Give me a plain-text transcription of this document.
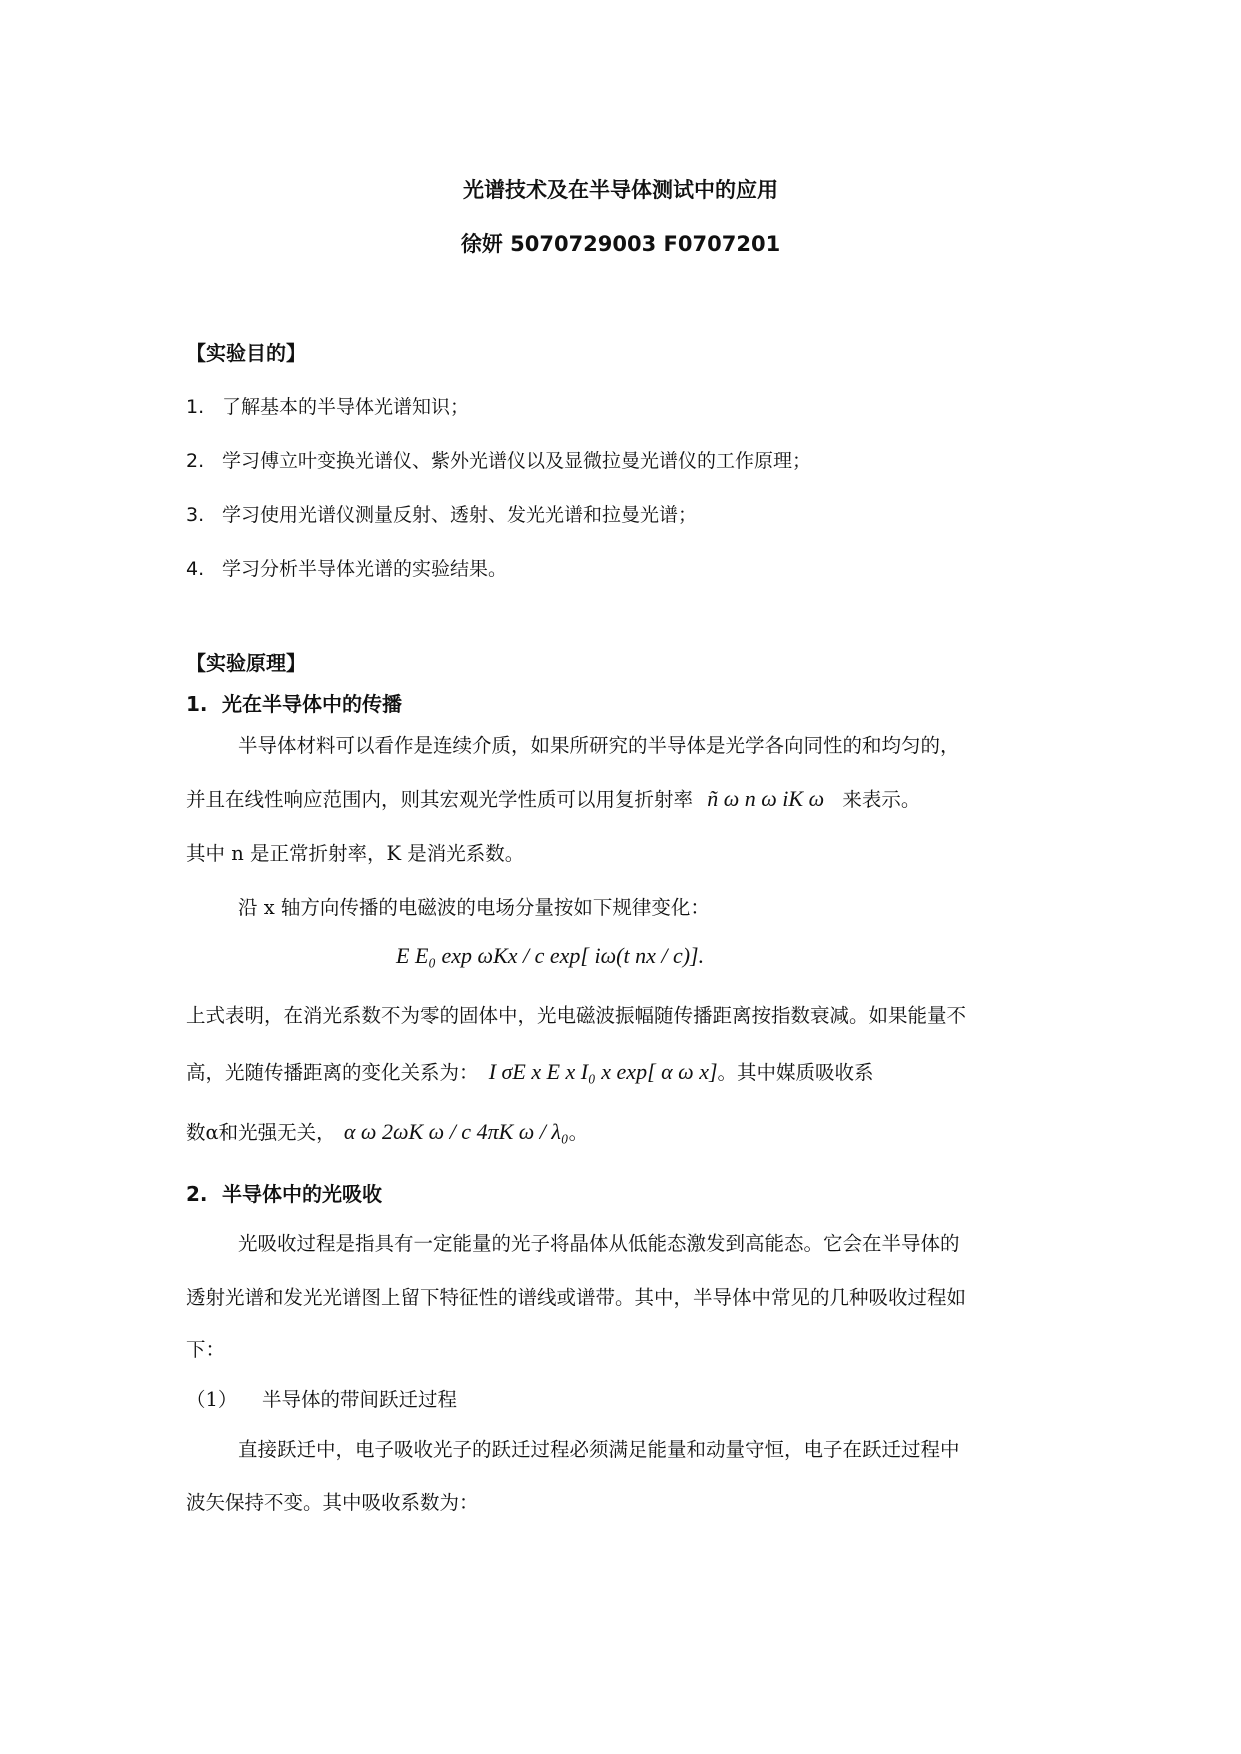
光谱技术及在半导体测试中的应用
徐妍 5070729003 F0707201
【实验目的】
1. 了解基本的半导体光谱知识；
2. 学习傅立叶变换光谱仪、紫外光谱仪以及显微拉曼光谱仪的工作原理；
3. 学习使用光谱仪测量反射、透射、发光光谱和拉曼光谱；
4. 学习分析半导体光谱的实验结果。
【实验原理】
1. 光在半导体中的传播
半导体材料可以看作是连续介质，如果所研究的半导体是光学各向同性的和均匀的，
并且在线性响应范围内，则其宏观光学性质可以用复折射率 ñ ω n ω iK ω 来表示。
其中 n 是正常折射率，K 是消光系数。
沿 x 轴方向传播的电磁波的电场分量按如下规律变化：
E E₀ exp ωKx / c exp[ iω(t nx / c)].
上式表明，在消光系数不为零的固体中，光电磁波振幅随传播距离按指数衰减。如果能量不
高，光随传播距离的变化关系为： I σE x E x I₀ x exp[ α ω x]。其中媒质吸收系
数α和光强无关， α ω 2ωK ω / c 4πK ω / λ₀。
2. 半导体中的光吸收
光吸收过程是指具有一定能量的光子将晶体从低能态激发到高能态。它会在半导体的
透射光谱和发光光谱图上留下特征性的谱线或谱带。其中，半导体中常见的几种吸收过程如
下：
（1） 半导体的带间跃迁过程
直接跃迁中，电子吸收光子的跃迁过程必须满足能量和动量守恒，电子在跃迁过程中
波矢保持不变。其中吸收系数为：
